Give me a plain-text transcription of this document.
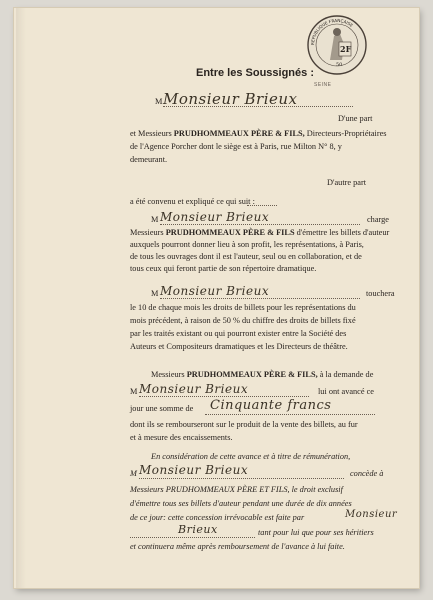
2F
50
REPUBLIQUE FRANÇAISE
SEINE
Entre les Soussignés :
M Monsieur Brieux
D'une part
et Messieurs PRUDHOMMEAUX PÈRE & FILS, Directeurs-Propriétaires
de l'Agence Porcher dont le siège est à Paris, rue Milton N° 8, y
demeurant.
D'autre part
a été convenu et expliqué ce qui suit :
M Monsieur Brieux	charge
Messieurs PRUDHOMMEAUX PÈRE & FILS d'émettre les billets d'auteur
auxquels pourront donner lieu à son profit, les représentations, à Paris,
de tous les ouvrages dont il est l'auteur, seul ou en collaboration, et de
tous ceux qui feront partie de son répertoire dramatique.
M Monsieur Brieux	touchera
le 10 de chaque mois les droits de billets pour les représentations du
mois précédent, à raison de 50 % du chiffre des droits de billets fixé
par les traités existant ou qui pourront exister entre la Société des
Auteurs et Compositeurs dramatiques et les Directeurs de théâtre.
Messieurs PRUDHOMMEAUX PÈRE & FILS, à la demande de
M Monsieur Brieux	lui ont avancé ce
jour une somme de Cinquante francs
dont ils se rembourseront sur le produit de la vente des billets, au fur
et à mesure des encaissements.
En considération de cette avance et à titre de rémunération,
M Monsieur Brieux	concède à
Messieurs PRUDHOMMEAUX PÈRE ET FILS, le droit exclusif
d'émettre tous ses billets d'auteur pendant une durée de dix années
de ce jour: cette concession irrévocable est faite par	Monsieur
Brieux	tant pour lui que pour ses héritiers
et continuera même après remboursement de l'avance à lui faite.
